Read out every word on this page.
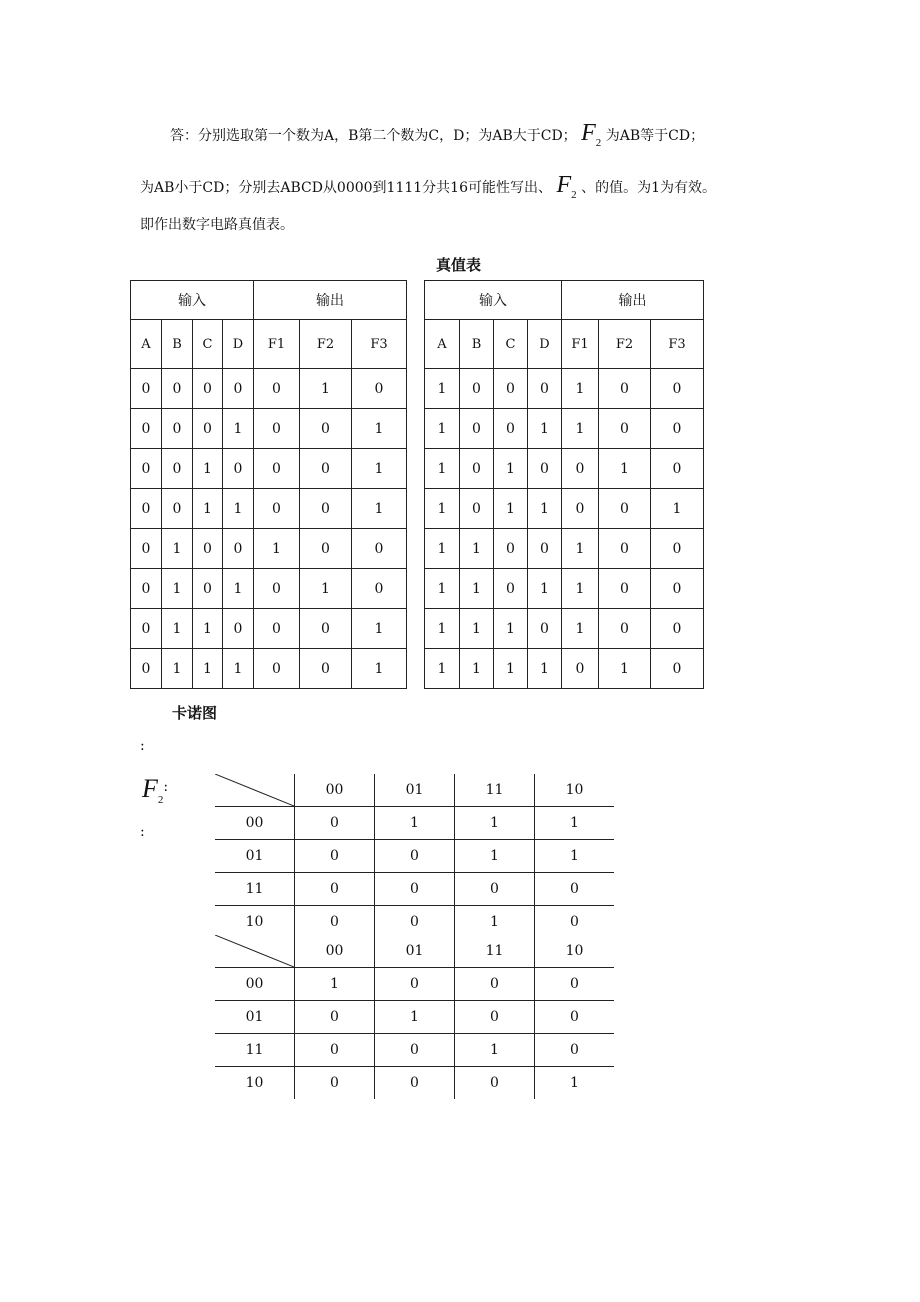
答：分别选取第一个数为A，B第二个数为C，D；为AB大于CD； $F_2$ 为AB等于CD；
为AB小于CD；分别去ABCD从0000到1111分共16可能性写出、 $F_2$ 、的值。为1为有效。
即作出数字电路真值表。
真值表
输入				输出				输入				输出		
A	B	C	D	F1	F2	F3		A	B	C	D	F1	F2	F3
0	0	0	0	0	1	0		1	0	0	0	1	0	0
0	0	0	1	0	0	1		1	0	0	1	1	0	0
0	0	1	0	0	0	1		1	0	1	0	0	1	0
0	0	1	1	0	0	1		1	0	1	1	0	0	1
0	1	0	0	1	0	0		1	1	0	0	1	0	0
0	1	0	1	0	1	0		1	1	0	1	1	0	0
0	1	1	0	0	0	1		1	1	1	0	1	0	0
0	1	1	1	0	0	1		1	1	1	1	0	1	0
卡诺图
:
$F_2$:
:
	00	01	11	10
00	0	1	1	1
01	0	0	1	1
11	0	0	0	0
10	0	0	1	0
	00	01	11	10
00	1	0	0	0
01	0	1	0	0
11	0	0	1	0
10	0	0	0	1
